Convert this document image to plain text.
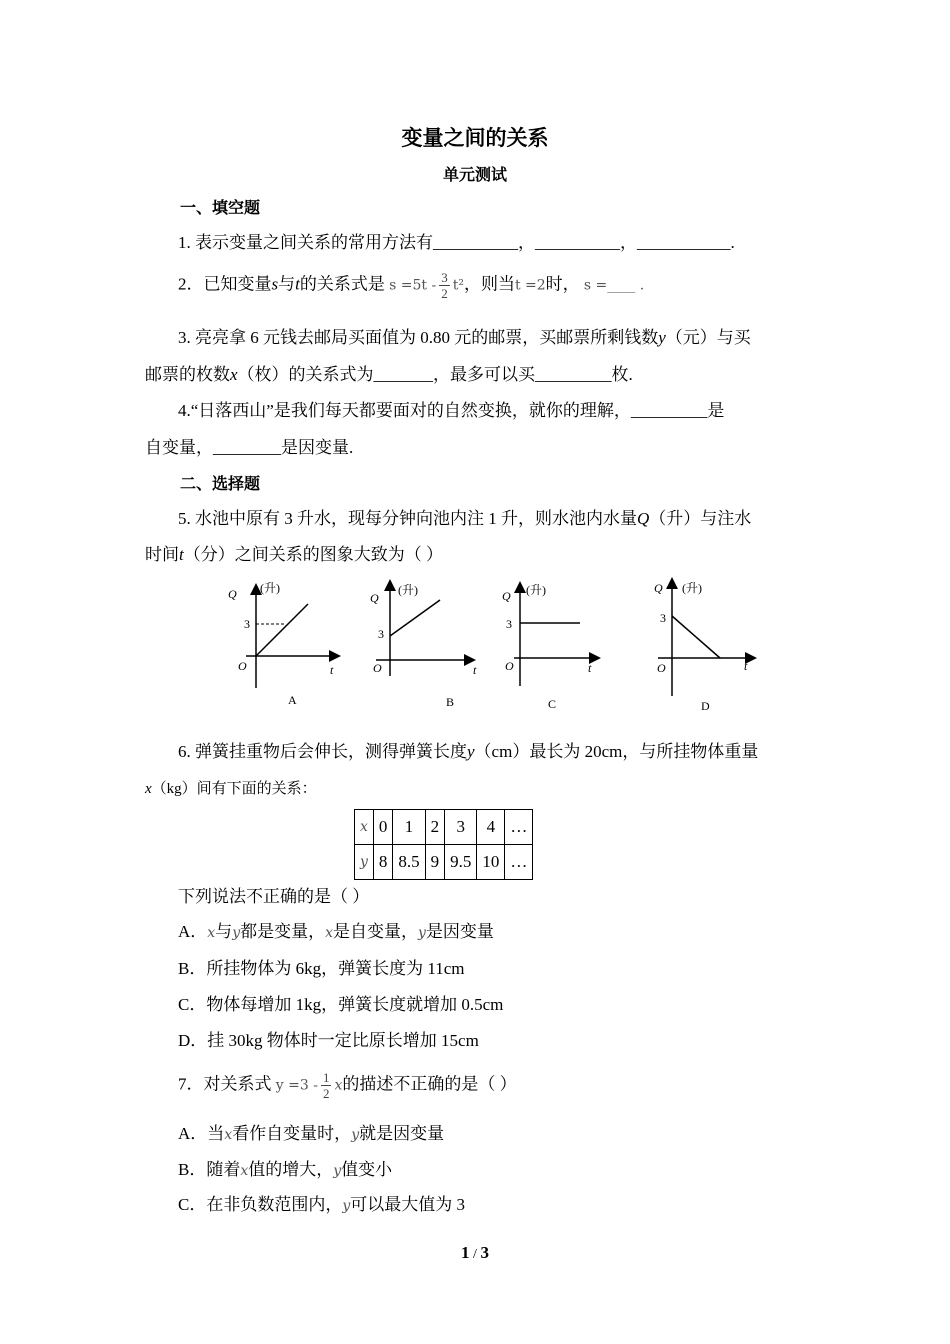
变量之间的关系
单元测试
一、填空题
1. 表示变量之间关系的常用方法有__________，__________，___________.
2．已知变量s与t的关系式是 $s =5t - \frac{3}{2} t^2$，则当t =2时， s =____ .
3. 亮亮拿 6 元钱去邮局买面值为 0.80 元的邮票，买邮票所剩钱数y（元）与买
邮票的枚数x（枚）的关系式为_______，最多可以买_________枚.
4.“日落西山”是我们每天都要面对的自然变换，就你的理解，_________是
自变量，________是因变量.
二、选择题
5. 水池中原有 3 升水，现每分钟向池内注 1 升，则水池内水量Q（升）与注水
时间t（分）之间关系的图象大致为（ ）
Q (升)
3
O	t
A
Q
(升)
3
O	t
B
Q (升)
3
O	t
C
Q (升)
3
O	t
D
6. 弹簧挂重物后会伸长，测得弹簧长度y（cm）最长为 20cm，与所挂物体重量
x（kg）间有下面的关系：
x	0	1	2	3	4	…
y	8	8.5	9	9.5	10	…
下列说法不正确的是（ ）
A．x与y都是变量，x是自变量，y是因变量
B．所挂物体为 6kg，弹簧长度为 11cm
C．物体每增加 1kg，弹簧长度就增加 0.5cm
D．挂 30kg 物体时一定比原长增加 15cm
7．对关系式 $y =3 - \frac{1}{2}$ x的描述不正确的是（ ）
A．当x看作自变量时，y就是因变量
B．随着x值的增大，y值变小
C．在非负数范围内，y可以最大值为 3
1 / 3
